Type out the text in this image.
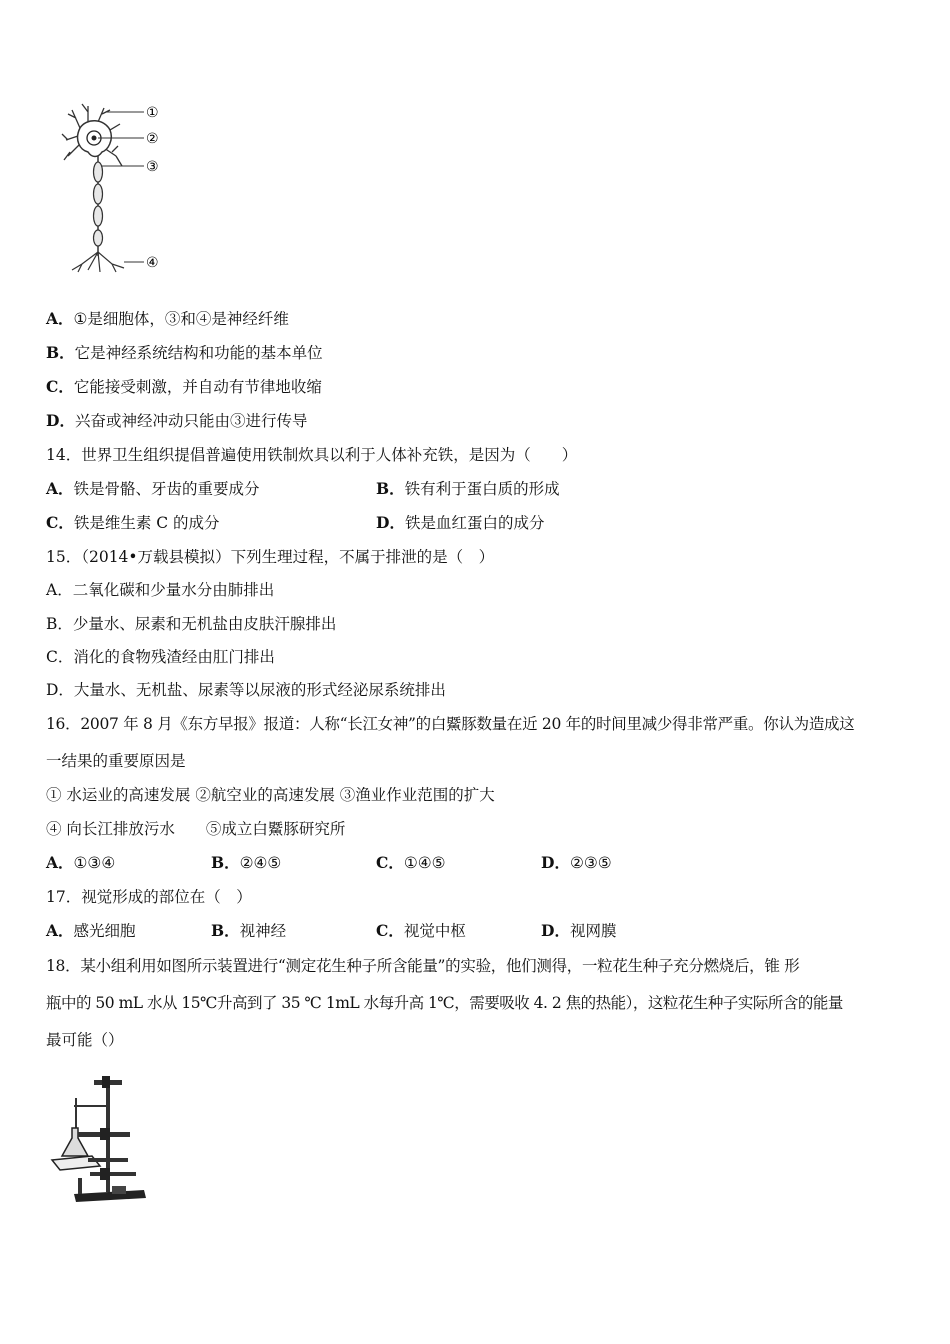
①
②
③
④
A．①是细胞体，③和④是神经纤维
B．它是神经系统结构和功能的基本单位
C．它能接受刺激，并自动有节律地收缩
D．兴奋或神经冲动只能由③进行传导
14．世界卫生组织提倡普遍使用铁制炊具以利于人体补充铁，是因为（　　）
A．铁是骨骼、牙齿的重要成分	B．铁有利于蛋白质的形成
C．铁是维生素 C 的成分	D．铁是血红蛋白的成分
15．（2014•万载县模拟）下列生理过程，不属于排泄的是（　）
A．二氧化碳和少量水分由肺排出
B．少量水、尿素和无机盐由皮肤汗腺排出
C．消化的食物残渣经由肛门排出
D．大量水、无机盐、尿素等以尿液的形式经泌尿系统排出
16．2007 年 8 月《东方早报》报道：人称“长江女神”的白鱀豚数量在近 20 年的时间里减少得非常严重。你认为造成这
一结果的重要原因是
① 水运业的高速发展 ②航空业的高速发展 ③渔业作业范围的扩大
④ 向长江排放污水　　⑤成立白鱀豚研究所
A．①③④	B．②④⑤	C．①④⑤	D．②③⑤
17．视觉形成的部位在（　）
A．感光细胞	B．视神经	C．视觉中枢	D．视网膜
18．某小组利用如图所示装置进行“测定花生种子所含能量”的实验，他们测得，一粒花生种子充分燃烧后，锥 形
瓶中的 50 mL 水从 15℃升高到了 35 ℃ 1mL 水每升高 1℃，需要吸收 4. 2 焦的热能），这粒花生种子实际所含的能量
最可能（）
